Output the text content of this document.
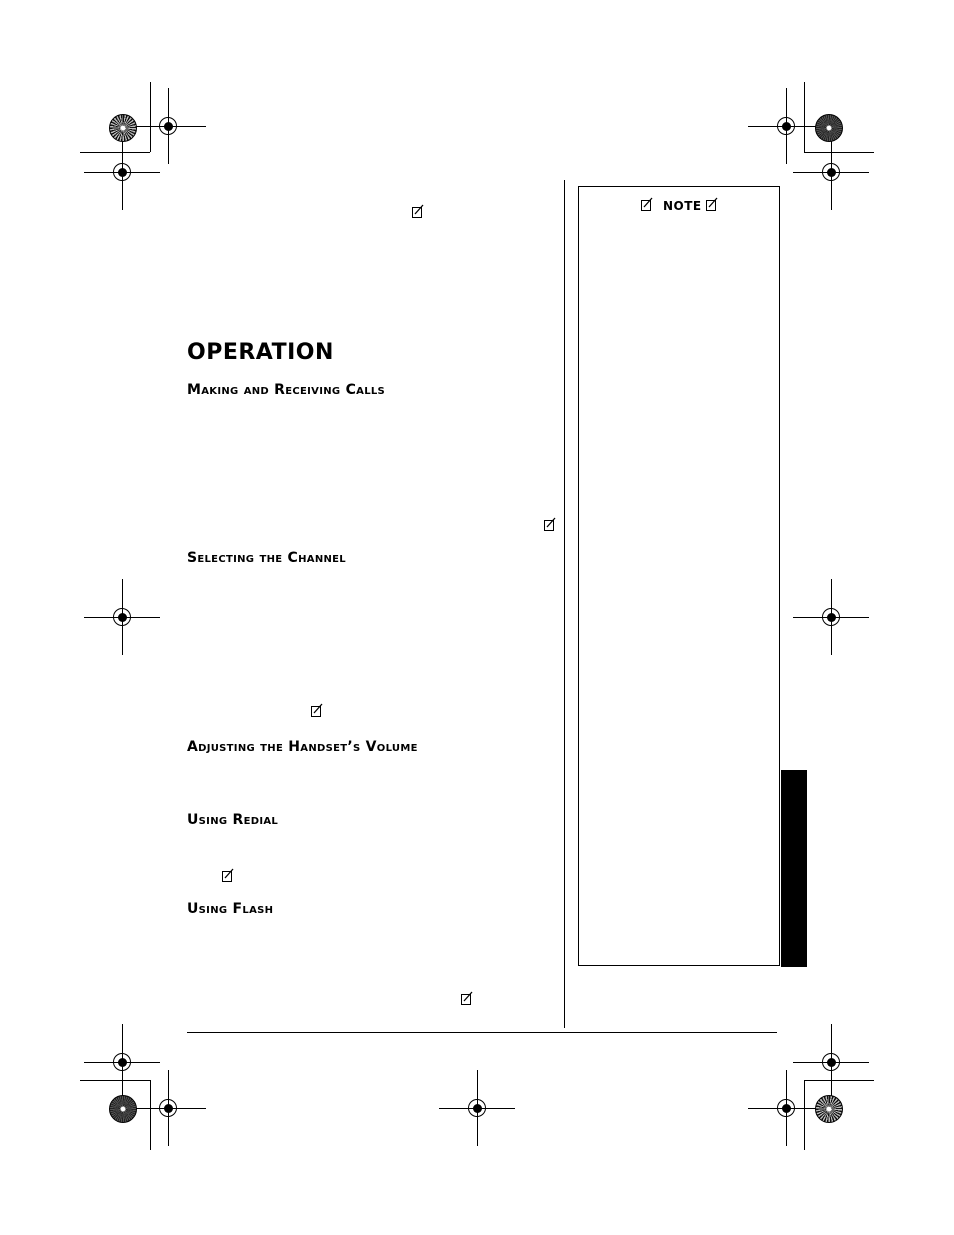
NOTE
OPERATION
Making and Receiving Calls
Selecting the Channel
Adjusting the Handset’s Volume
Using Redial
Using Flash
